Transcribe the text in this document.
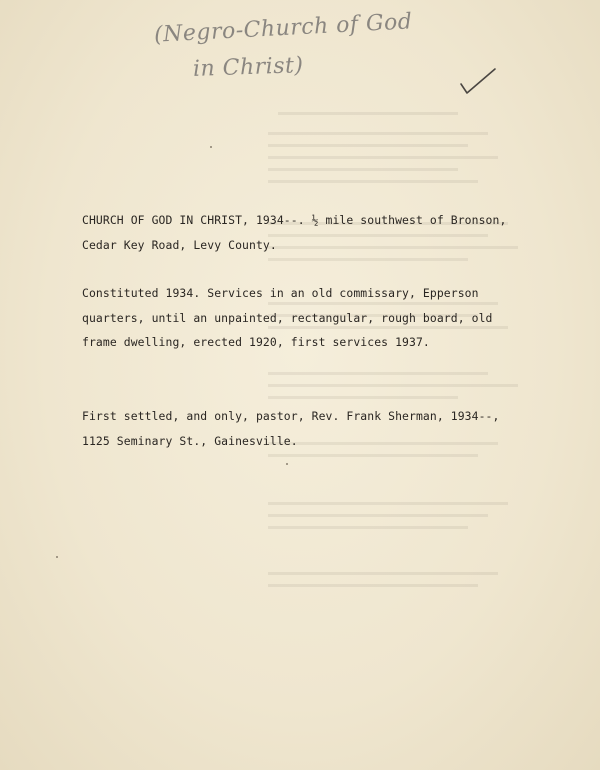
(Negro-Church of God
in Christ)
CHURCH OF GOD IN CHRIST, 1934--. ½ mile southwest of Bronson,
Cedar Key Road, Levy County.
Constituted 1934. Services in an old commissary, Epperson
quarters, until an unpainted, rectangular, rough board, old
frame dwelling, erected 1920, first services 1937.
First settled, and only, pastor, Rev. Frank Sherman, 1934--,
1125 Seminary St., Gainesville.
